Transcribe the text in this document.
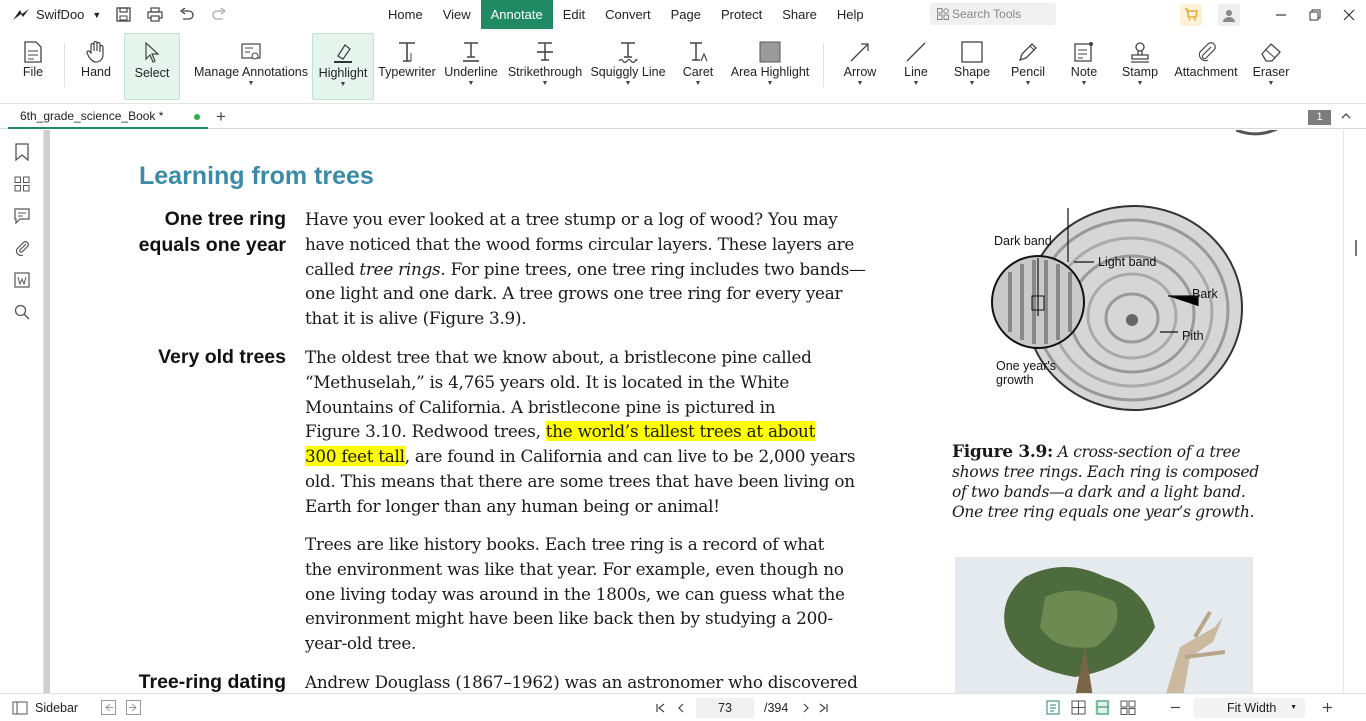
SwifDoo ▼	Home	View	Annotate	Edit	Convert	Page	Protect	Share	Help	Search Tools
File	Hand Select Manage Annotations
▼
Highlight
▼
Typewriter Underline
▼
Strikethrough
▼
Squiggly Line
▼
Caret
▼
Area Highlight
▼
Arrow
▼
Line
▼
Shape
▼
Pencil
▼
Note
▼
Stamp
▼
Attachment Eraser
▼
6th_grade_science_Book *	+	1
Learning from trees
One tree ring
equals one year
Have you ever looked at a tree stump or a log of wood? You may
have noticed that the wood forms circular layers. These layers are
called tree rings. For pine trees, one tree ring includes two bands—
one light and one dark. A tree grows one tree ring for every year
that it is alive (Figure 3.9).
Very old trees The oldest tree that we know about, a bristlecone pine called
“Methuselah,” is 4,765 years old. It is located in the White
Mountains of California. A bristlecone pine is pictured in
Figure 3.10. Redwood trees, the world’s tallest trees at about
300 feet tall, are found in California and can live to be 2,000 years
old. This means that there are some trees that have been living on
Earth for longer than any human being or animal!
Trees are like history books. Each tree ring is a record of what
the environment was like that year. For example, even though no
one living today was around in the 1800s, we can guess what the
environment might have been like back then by studying a 200-
year-old tree.
Tree-ring dating Andrew Douglass (1867–1962) was an astronomer who discovered
Dark band
Light band
Bark
Pith
One year's
growth
Figure 3.9: A cross-section of a tree shows tree rings. Each ring is composed of two bands—a dark and a light band. One tree ring equals one year’s growth.
Sidebar	73	/394	Fit Width ▼
